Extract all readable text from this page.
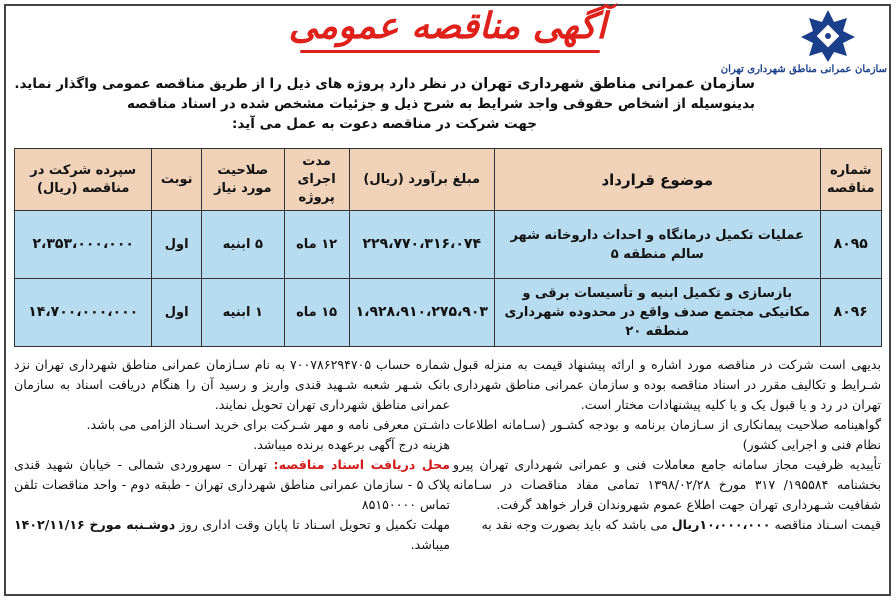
سازمان عمرانی مناطق شهرداری تهران
آگهی مناقصه عمومی
سازمان عمرانی مناطق شهرداری تهران در نظر دارد پروژه های ذیل را از طریق مناقصه عمومی واگذار نماید.
بدینوسیله از اشخاص حقوقی واجد شرایط به شرح ذیل و جزئیات مشخص شده در اسناد مناقصه
جهت شرکت در مناقصه دعوت به عمل می آید:
شماره مناقصه	موضوع قرارداد	مبلغ برآورد (ریال)	مدت اجرای پروژه	صلاحیت مورد نیاز	نوبت	سپرده شرکت در مناقصه (ریال)
۸۰۹۵	عملیات تکمیل درمانگاه و احداث داروخانه شهر سالم منطقه ۵	۲۲۹،۷۷۰،۳۱۶،۰۷۴	۱۲ ماه	۵ ابنیه	اول	۲،۳۵۳،۰۰۰،۰۰۰
۸۰۹۶	بازسازی و تکمیل ابنیه و تأسیسات برقی و مکانیکی مجتمع صدف واقع در محدوده شهرداری منطقه ۲۰	۱،۹۲۸،۹۱۰،۲۷۵،۹۰۳	۱۵ ماه	۱ ابنیه	اول	۱۴،۷۰۰،۰۰۰،۰۰۰

بدیهی است شرکت در مناقصه مورد اشاره و ارائه پیشنهاد قیمت به منزله قبول شـرایط و تکالیف مقرر در اسناد مناقصه بوده و سازمان عمرانی مناطق شهرداری تهران در رد و یا قبول یک و یا کلیه پیشنهادات مختار است.

گواهینامه صلاحیت پیمانکاری از سـازمان برنامه و بودجه کشـور (سـامانه اطلاعات نظام فنی و اجرایی کشور)

تأییدیه ظرفیت مجاز سامانه جامع معاملات فنی و عمرانی شهرداری تهران پیرو بخشنامه ۱۹۵۵۸۴/ ۳۱۷ مورخ ۱۳۹۸/۰۲/۲۸ تمامی مفاد مناقصات در سـامانه شفافیت شـهرداری تهران جهت اطلاع عموم شهروندان قرار خواهد گرفت.

قیمت اسـناد مناقصه ۱۰،۰۰۰،۰۰۰ریال می باشد که باید بصورت وجه نقد به

شماره حساب ۷۰۰۷۸۶۲۹۴۷۰۵ به نام سـازمان عمرانی مناطق شهرداری تهران نزد بانک شـهر شعبه شـهید قندی واریز و رسید آن را هنگام دریافت اسناد به سازمان عمرانی مناطق شهرداری تهران تحویل نمایند.

داشـتن معرفی نامه و مهر شـرکت برای خرید اسـناد الزامی می باشد.

هزینه درج آگهی برعهده برنده میباشد.

محل دریافت اسناد مناقصه: تهران - سهروردی شمالی - خیابان شهید قندی پلاک ۵ - سازمان عمرانی مناطق شهرداری تهران - طبقه دوم - واحد مناقصات تلفن تماس ۸۵۱۵۰۰۰۰

مهلت تکمیل و تحویل اسـناد تا پایان وقت اداری روز دوشـنبه مورخ ۱۴۰۲/۱۱/۱۶ میباشد.
